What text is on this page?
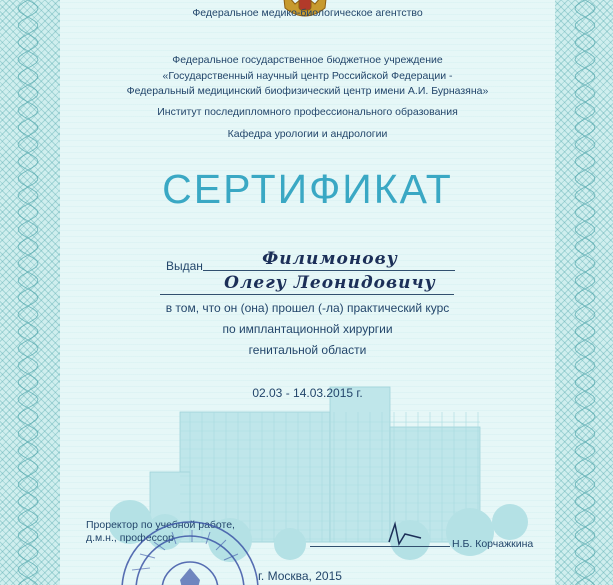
Федеральное медико-биологическое агентство
Федеральное государственное бюджетное учреждение
«Государственный научный центр Российской Федерации -
Федеральный медицинский биофизический центр имени А.И. Бурназяна»
Институт последипломного профессионального образования
Кафедра урологии и андрологии
СЕРТИФИКАТ
Выдан	Филимонову
Олегу Леонидовичу
в том, что он (она) прошел (-ла) практический курс
по имплантационной хирургии
генитальной области
02.03 - 14.03.2015 г.
Проректор по учебной работе,
д.м.н., профессор	Н.Б. Корчажкина
г. Москва, 2015
